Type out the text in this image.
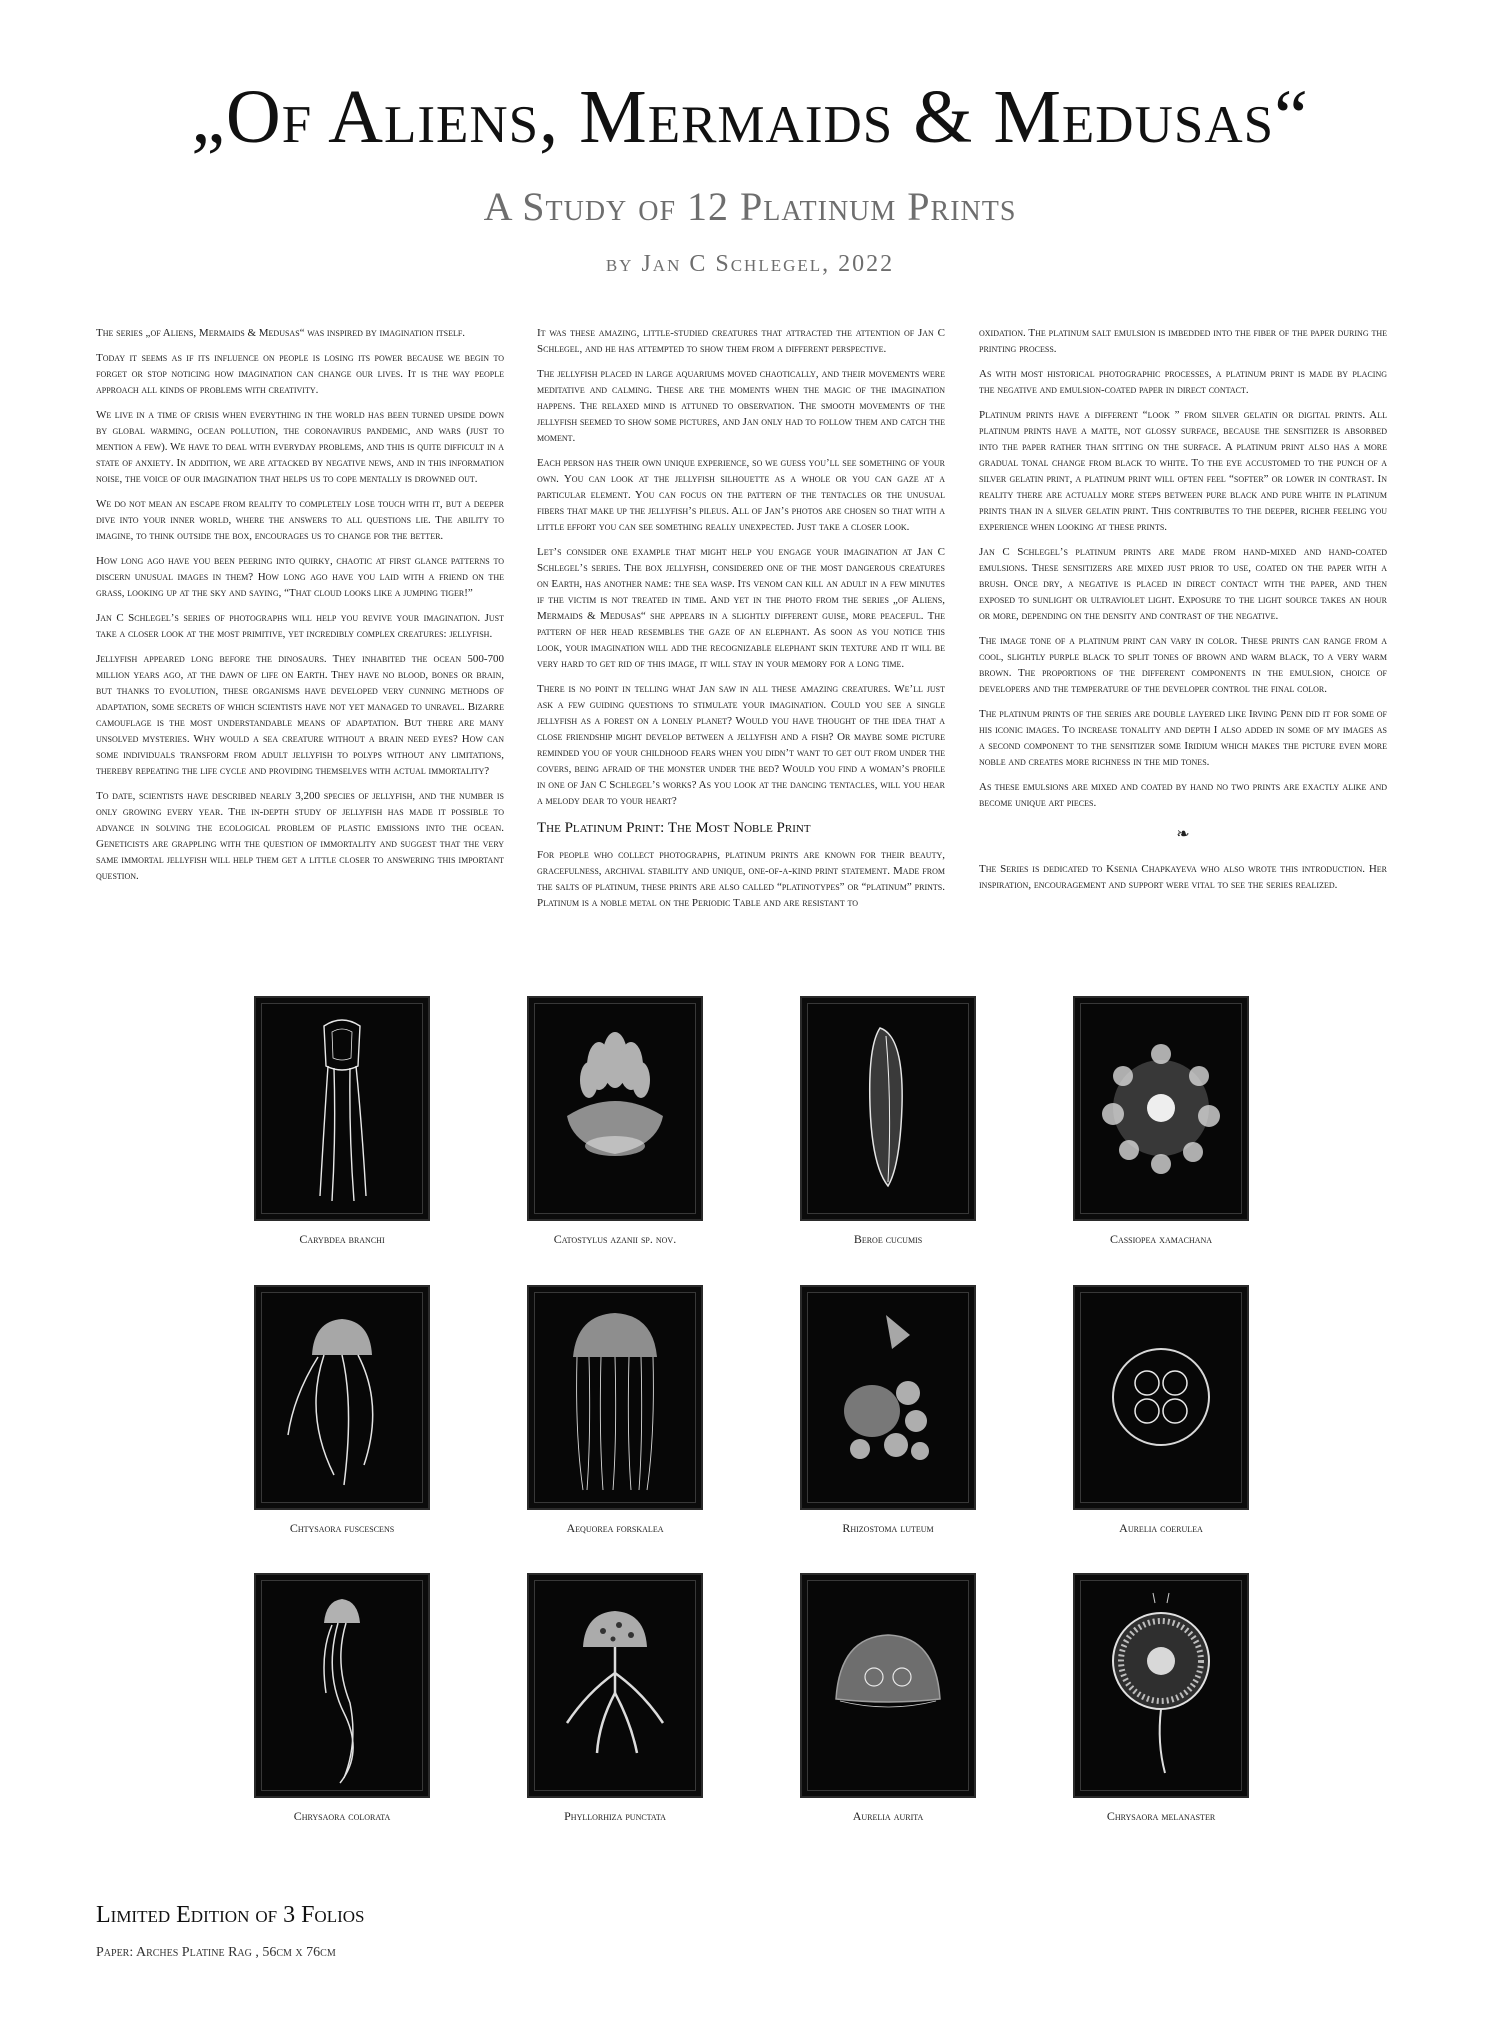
„Of Aliens, Mermaids & Medusas“
A Study of 12 Platinum Prints
by Jan C Schlegel, 2022

The series „of Aliens, Mermaids & Medusas“ was inspired by imagination itself.

Today it seems as if its influence on people is losing its power because we begin to forget or stop noticing how imagination can change our lives. It is the way people approach all kinds of problems with creativity.

We live in a time of crisis when everything in the world has been turned upside down by global warming, ocean pollution, the coronavirus pandemic, and wars (just to mention a few). We have to deal with everyday problems, and this is quite difficult in a state of anxiety. In addition, we are attacked by negative news, and in this information noise, the voice of our imagination that helps us to cope mentally is drowned out.

We do not mean an escape from reality to completely lose touch with it, but a deeper dive into your inner world, where the answers to all questions lie. The ability to imagine, to think outside the box, encourages us to change for the better.

How long ago have you been peering into quirky, chaotic at first glance patterns to discern unusual images in them? How long ago have you laid with a friend on the grass, looking up at the sky and saying, “That cloud looks like a jumping tiger!”

Jan C Schlegel’s series of photographs will help you revive your imagination. Just take a closer look at the most primitive, yet incredibly complex creatures: jellyfish.

Jellyfish appeared long before the dinosaurs. They inhabited the ocean 500-700 million years ago, at the dawn of life on Earth. They have no blood, bones or brain, but thanks to evolution, these organisms have developed very cunning methods of adaptation, some secrets of which scientists have not yet managed to unravel. Bizarre camouflage is the most understandable means of adaptation. But there are many unsolved mysteries. Why would a sea creature without a brain need eyes? How can some individuals transform from adult jellyfish to polyps without any limitations, thereby repeating the life cycle and providing themselves with actual immortality?

To date, scientists have described nearly 3,200 species of jellyfish, and the number is only growing every year. The in-depth study of jellyfish has made it possible to advance in solving the ecological problem of plastic emissions into the ocean. Geneticists are grappling with the question of immortality and suggest that the very same immortal jellyfish will help them get a little closer to answering this important question.

It was these amazing, little-studied creatures that attracted the attention of Jan C Schlegel, and he has attempted to show them from a different perspective.

The jellyfish placed in large aquariums moved chaotically, and their movements were meditative and calming. These are the moments when the magic of the imagination happens. The relaxed mind is attuned to observation. The smooth movements of the jellyfish seemed to show some pictures, and Jan only had to follow them and catch the moment.

Each person has their own unique experience, so we guess you’ll see something of your own. You can look at the jellyfish silhouette as a whole or you can gaze at a particular element. You can focus on the pattern of the tentacles or the unusual fibers that make up the jellyfish’s pileus. All of Jan’s photos are chosen so that with a little effort you can see something really unexpected. Just take a closer look.

Let’s consider one example that might help you engage your imagination at Jan C Schlegel’s series. The box jellyfish, considered one of the most dangerous creatures on Earth, has another name: the sea wasp. Its venom can kill an adult in a few minutes if the victim is not treated in time. And yet in the photo from the series „of Aliens, Mermaids & Medusas“ she appears in a slightly different guise, more peaceful. The pattern of her head resembles the gaze of an elephant. As soon as you notice this look, your imagination will add the recognizable elephant skin texture and it will be very hard to get rid of this image, it will stay in your memory for a long time.

There is no point in telling what Jan saw in all these amazing creatures. We’ll just ask a few guiding questions to stimulate your imagination. Could you see a single jellyfish as a forest on a lonely planet? Would you have thought of the idea that a close friendship might develop between a jellyfish and a fish? Or maybe some picture reminded you of your childhood fears when you didn’t want to get out from under the covers, being afraid of the monster under the bed? Would you find a woman’s profile in one of Jan C Schlegel’s works? As you look at the dancing tentacles, will you hear a melody dear to your heart?

The Platinum Print: The Most Noble Print

For people who collect photographs, platinum prints are known for their beauty, gracefulness, archival stability and unique, one-of-a-kind print statement. Made from the salts of platinum, these prints are also called “platinotypes” or “platinum” prints. Platinum is a noble metal on the Periodic Table and are resistant to

oxidation. The platinum salt emulsion is imbedded into the fiber of the paper during the printing process.

As with most historical photographic processes, a platinum print is made by placing the negative and emulsion-coated paper in direct contact.

Platinum prints have a different “look ” from silver gelatin or digital prints. All platinum prints have a matte, not glossy surface, because the sensitizer is absorbed into the paper rather than sitting on the surface. A platinum print also has a more gradual tonal change from black to white. To the eye accustomed to the punch of a silver gelatin print, a platinum print will often feel “softer” or lower in contrast. In reality there are actually more steps between pure black and pure white in platinum prints than in a silver gelatin print. This contributes to the deeper, richer feeling you experience when looking at these prints.

Jan C Schlegel’s platinum prints are made from hand-mixed and hand-coated emulsions. These sensitizers are mixed just prior to use, coated on the paper with a brush. Once dry, a negative is placed in direct contact with the paper, and then exposed to sunlight or ultraviolet light. Exposure to the light source takes an hour or more, depending on the density and contrast of the negative.

The image tone of a platinum print can vary in color. These prints can range from a cool, slightly purple black to split tones of brown and warm black, to a very warm brown. The proportions of the different components in the emulsion, choice of developers and the temperature of the developer control the final color.

The platinum prints of the series are double layered like Irving Penn did it for some of his iconic images. To increase tonality and depth I also added in some of my images as a second component to the sensitizer some Iridium which makes the picture even more noble and creates more richness in the mid tones.

As these emulsions are mixed and coated by hand no two prints are exactly alike and become unique art pieces.

❧

The Series is dedicated to Ksenia Chapkayeva who also wrote this introduction. Her inspiration, encouragement and support were vital to see the series realized.

Carybdea branchi	Catostylus azanii sp. nov.	Beroe cucumis	Cassiopea xamachana
Chtysaora fuscescens	Aequorea forskalea	Rhizostoma luteum	Aurelia coerulea
Chrysaora colorata	Phyllorhiza punctata	Aurelia aurita	Chrysaora melanaster
Limited Edition of 3 Folios
Paper: Arches Platine Rag , 56cm x 76cm
